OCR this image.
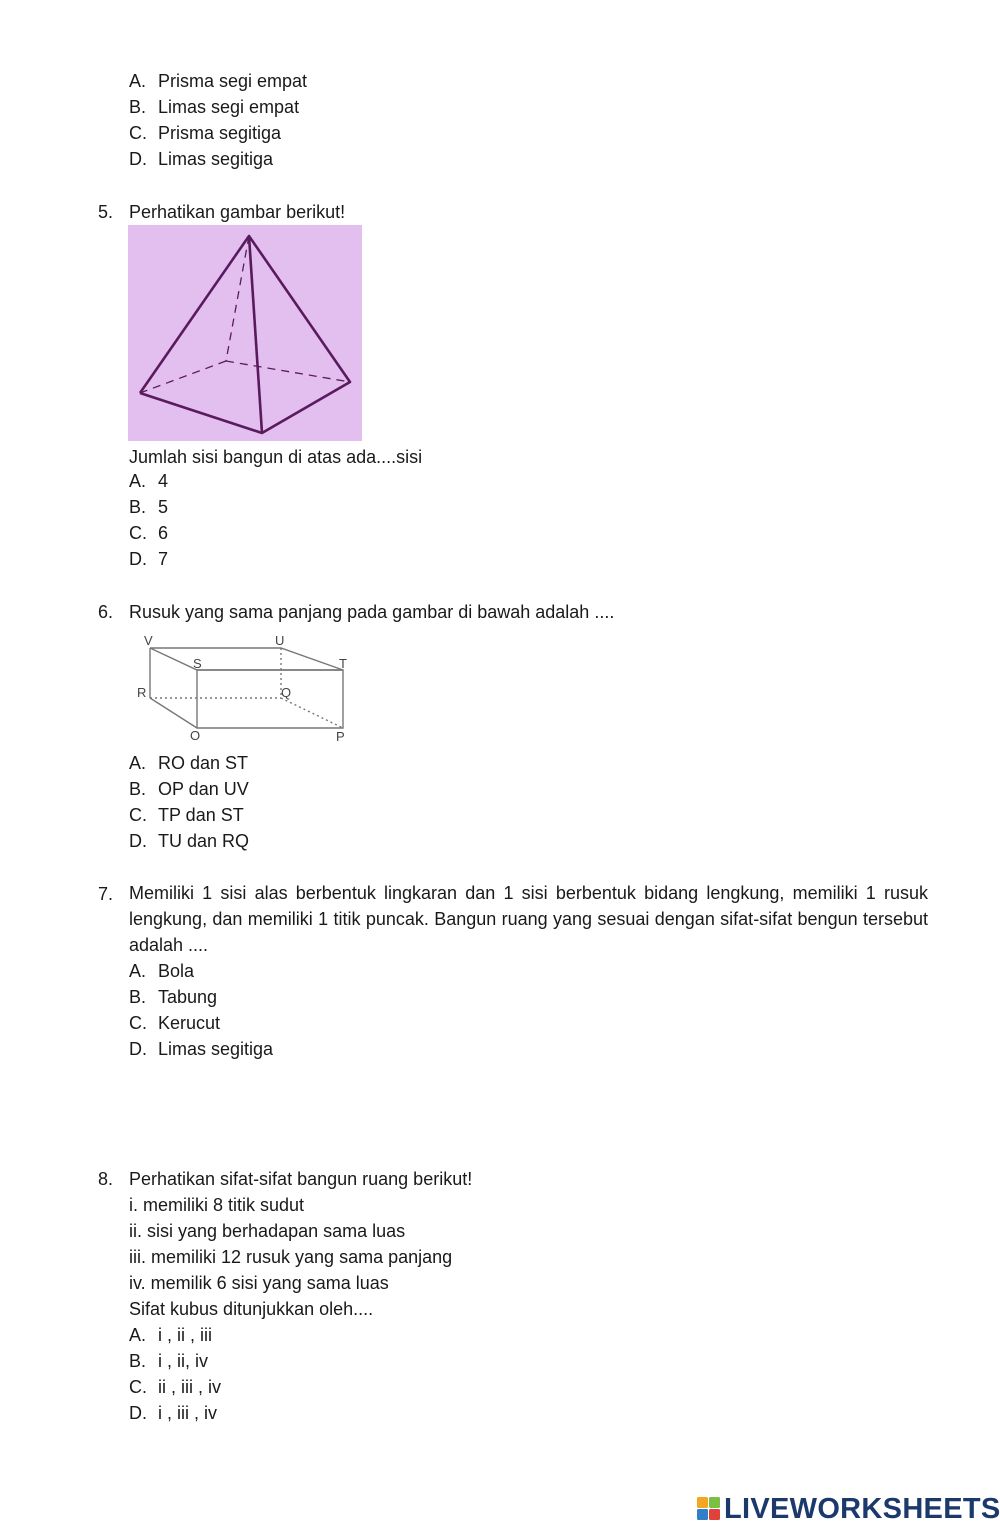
A. Prisma segi empat
B. Limas segi empat
C. Prisma segitiga
D. Limas segitiga
5. Perhatikan gambar berikut!
Jumlah sisi bangun di atas ada....sisi
A. 4
B. 5
C. 6
D. 7
6. Rusuk yang sama panjang pada gambar di bawah adalah ....
V	U
S	T
R	Q
O	P
A. RO dan ST
B. OP dan UV
C. TP dan ST
D. TU dan RQ
7. Memiliki 1 sisi alas berbentuk lingkaran dan 1 sisi berbentuk bidang lengkung, memiliki 1 rusuk lengkung, dan memiliki 1 titik puncak. Bangun ruang yang sesuai dengan sifat-sifat bengun tersebut adalah ....
A. Bola
B. Tabung
C. Kerucut
D. Limas segitiga
8. Perhatikan sifat-sifat bangun ruang berikut!
i. memiliki 8 titik sudut
ii. sisi yang berhadapan sama luas
iii. memiliki 12 rusuk yang sama panjang
iv. memilik 6 sisi yang sama luas
Sifat kubus ditunjukkan oleh....
A. i , ii , iii
B. i , ii, iv
C. ii , iii , iv
D. i , iii , iv
LIVEWORKSHEETS
